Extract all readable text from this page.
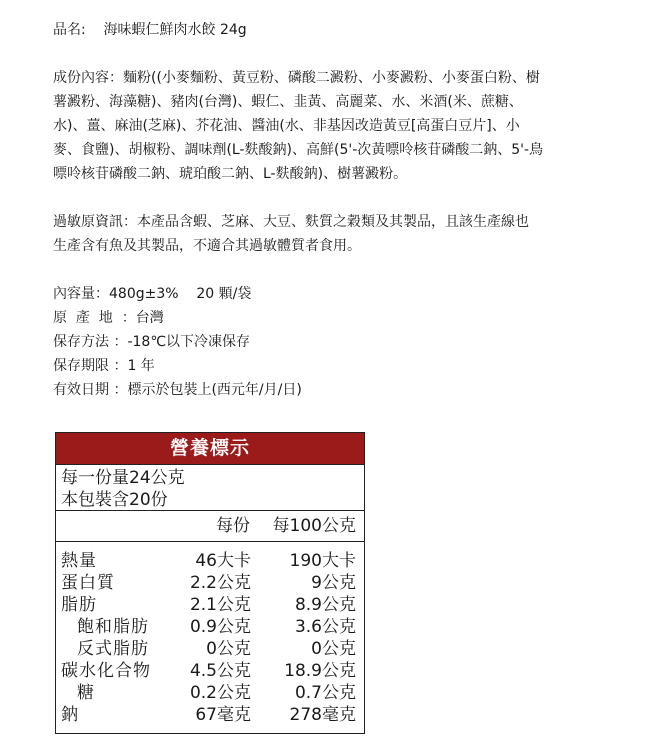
品名: 海味蝦仁鮮肉水餃 24g

成份內容：麵粉((小麥麵粉、黃豆粉、磷酸二澱粉、小麥澱粉、小麥蛋白粉、樹

薯澱粉、海藻糖)、豬肉(台灣)、蝦仁、韭黃、高麗菜、水、米酒(米、蔗糖、

水)、薑、麻油(芝麻)、芥花油、醬油(水、非基因改造黃豆[高蛋白豆片]、小

麥、食鹽)、胡椒粉、調味劑(L-麩酸鈉)、高鮮(5'-次黃嘌呤核苷磷酸二鈉、5'-鳥

嘌呤核苷磷酸二鈉、琥珀酸二鈉、L-麩酸鈉)、樹薯澱粉。

過敏原資訊：本產品含蝦、芝麻、大豆、麩質之穀類及其製品，且該生產線也

生產含有魚及其製品，不適合其過敏體質者食用。

內容量：480g±3%    20 顆/袋

原  產  地  ：台灣

保存方法 ：-18℃以下冷凍保存

保存期限 ：1 年

有效日期 ：標示於包裝上(西元年/月/日)

營養標示
每一份量24公克
本包裝含20份
每份 每100公克
熱量	46大卡 190大卡
蛋白質	2.2公克	9公克
脂肪	2.1公克	8.9公克
飽和脂肪 0.9公克	3.6公克
反式脂肪	0公克	0公克
碳水化合物 4.5公克 18.9公克
糖	0.2公克	0.7公克
鈉	67毫克 278毫克
